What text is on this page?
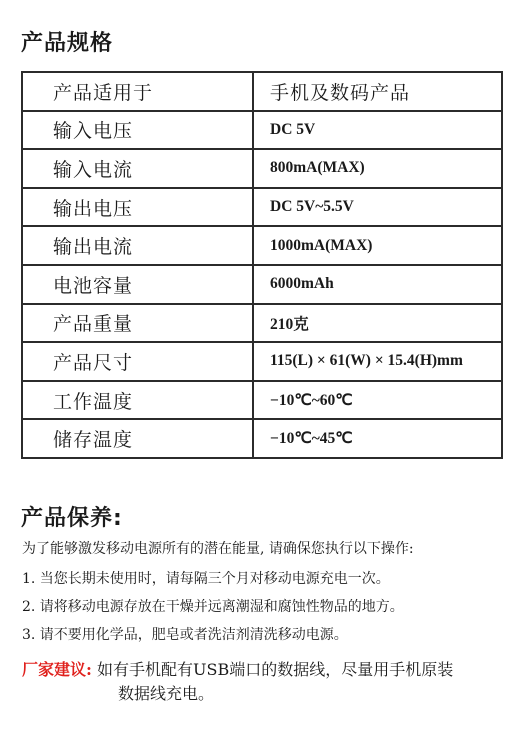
产品规格
产品适用于	手机及数码产品
输入电压	DC 5V
输入电流	800mA(MAX)
输出电压	DC 5V~5.5V
输出电流	1000mA(MAX)
电池容量	6000mAh
产品重量	210克
产品尺寸	115(L) × 61(W) × 15.4(H)mm
工作温度	−10℃~60℃
储存温度	−10℃~45℃
产品保养:
为了能够激发移动电源所有的潜在能量, 请确保您执行以下操作:
1. 当您长期未使用时，请每隔三个月对移动电源充电一次。
2. 请将移动电源存放在干燥并远离潮湿和腐蚀性物品的地方。
3. 请不要用化学品，肥皂或者洗洁剂清洗移动电源。
厂家建议: 如有手机配有USB端口的数据线，尽量用手机原装
数据线充电。
